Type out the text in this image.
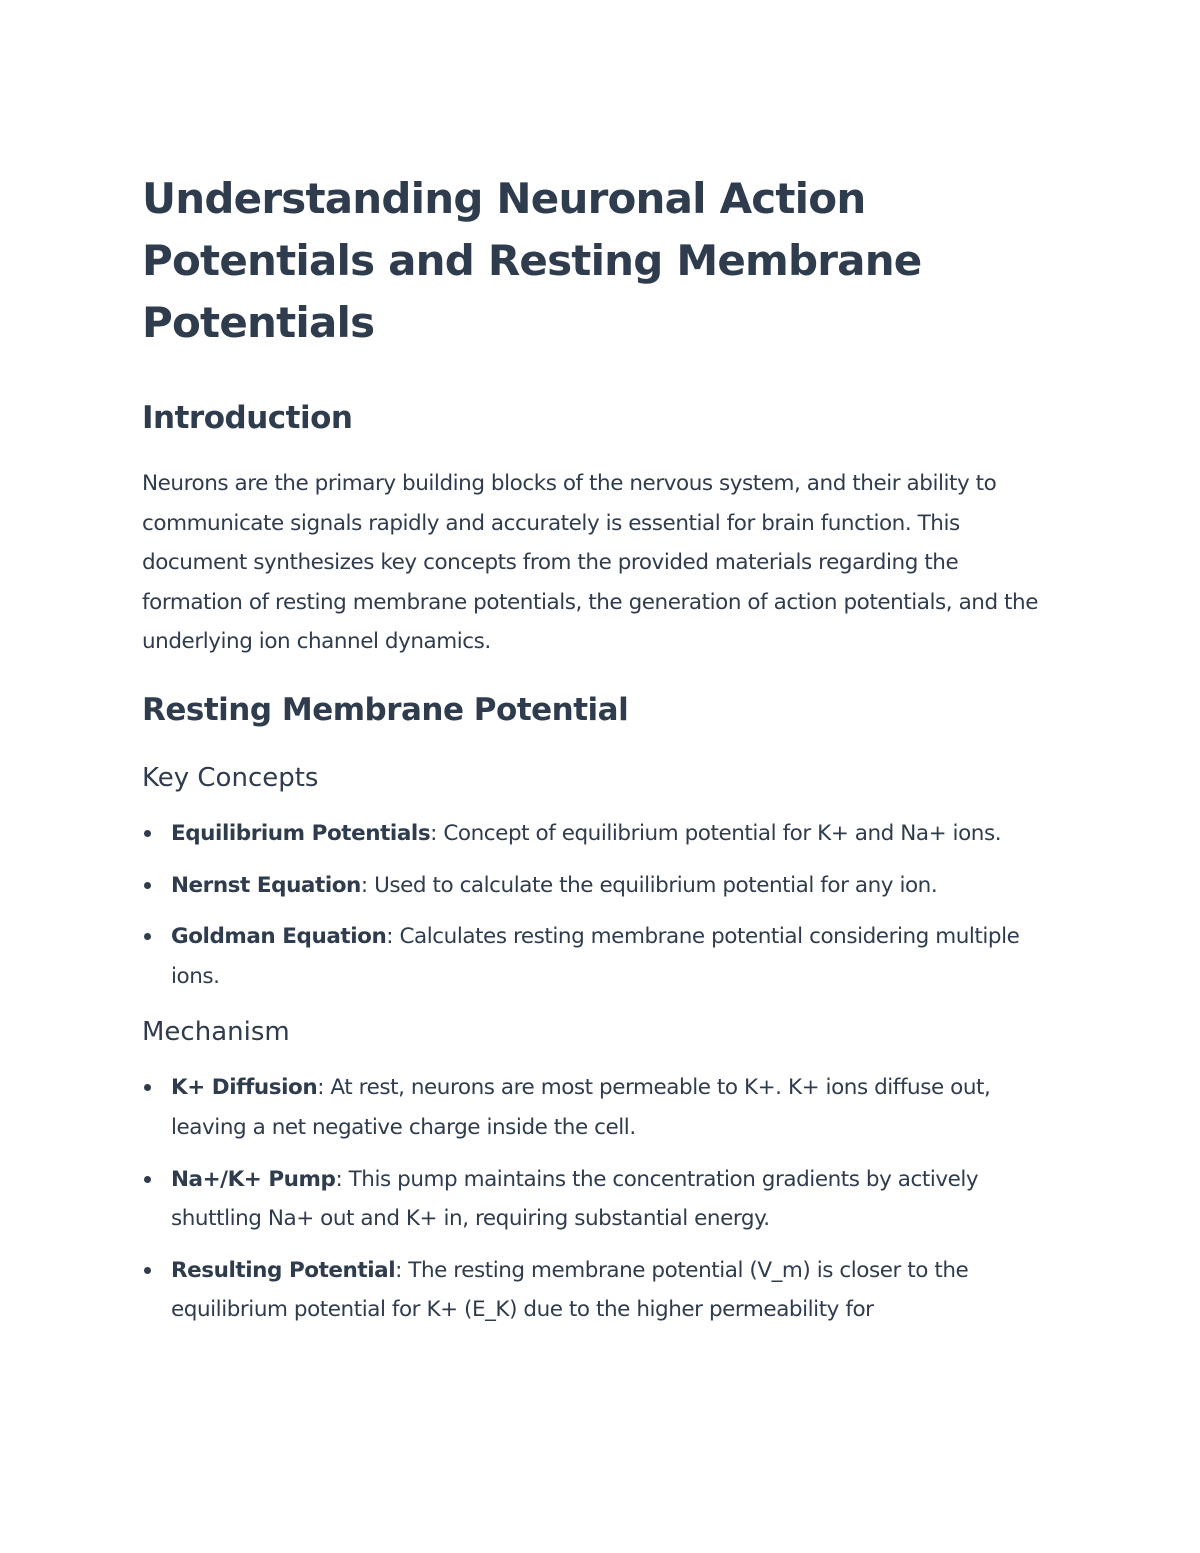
Understanding Neuronal Action Potentials and Resting Membrane Potentials
Introduction

Neurons are the primary building blocks of the nervous system, and their ability to communicate signals rapidly and accurately is essential for brain function. This document synthesizes key concepts from the provided materials regarding the formation of resting membrane potentials, the generation of action potentials, and the underlying ion channel dynamics.

Resting Membrane Potential
Key Concepts
Equilibrium Potentials: Concept of equilibrium potential for K+ and Na+ ions.
Nernst Equation: Used to calculate the equilibrium potential for any ion.
Goldman Equation: Calculates resting membrane potential considering multiple ions.
Mechanism
K+ Diffusion: At rest, neurons are most permeable to K+. K+ ions diffuse out, leaving a net negative charge inside the cell.
Na+/K+ Pump: This pump maintains the concentration gradients by actively shuttling Na+ out and K+ in, requiring substantial energy.
Resulting Potential: The resting membrane potential (V_m) is closer to the equilibrium potential for K+ (E_K) due to the higher permeability for
